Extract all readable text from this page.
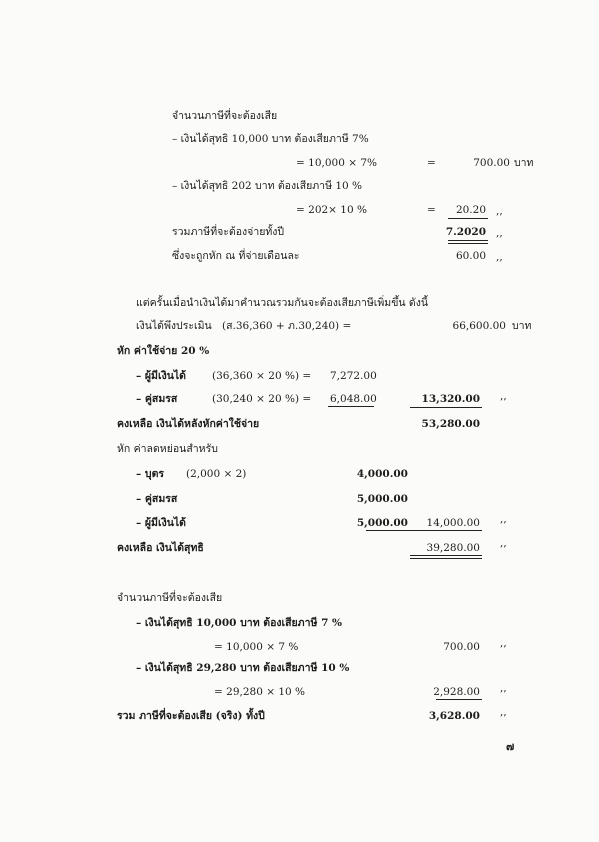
จำนวนภาษีที่จะต้องเสีย
– เงินได้สุทธิ 10,000 บาท ต้องเสียภาษี 7%
= 10,000 × 7%	=	700.00 บาท
– เงินได้สุทธิ 202 บาท ต้องเสียภาษี 10 %
= 202× 10 %	=	20.20 ,,
รวมภาษีที่จะต้องจ่ายทั้งปี	7.2020 ,,
ซึ่งจะถูกหัก ณ ที่จ่ายเดือนละ	60.00 ,,
แต่ครั้นเมื่อนำเงินได้มาคำนวณรวมกันจะต้องเสียภาษีเพิ่มขึ้น ดังนี้
เงินได้พึงประเมิน (ส.36,360 + ภ.30,240) =	66,600.00 บาท
หัก ค่าใช้จ่าย 20 %
– ผู้มีเงินได้ (36,360 × 20 %) = 7,272.00
– คู่สมรส	(30,240 × 20 %) = 6,048.00	13,320.00 ,,
คงเหลือ เงินได้หลังหักค่าใช้จ่าย	53,280.00
หัก ค่าลดหย่อนสำหรับ
– บุตร (2,000 × 2)	4,000.00
– คู่สมรส	5,000.00
– ผู้มีเงินได้	5,000.00	14,000.00 ,,
คงเหลือ เงินได้สุทธิ	39,280.00 ,,
จำนวนภาษีที่จะต้องเสีย
– เงินได้สุทธิ 10,000 บาท ต้องเสียภาษี 7 %
= 10,000 × 7 %	700.00 ,,
– เงินได้สุทธิ 29,280 บาท ต้องเสียภาษี 10 %
= 29,280 × 10 %	2,928.00 ,,
รวม ภาษีที่จะต้องเสีย (จริง) ทั้งปี	3,628.00 ,,
๗
